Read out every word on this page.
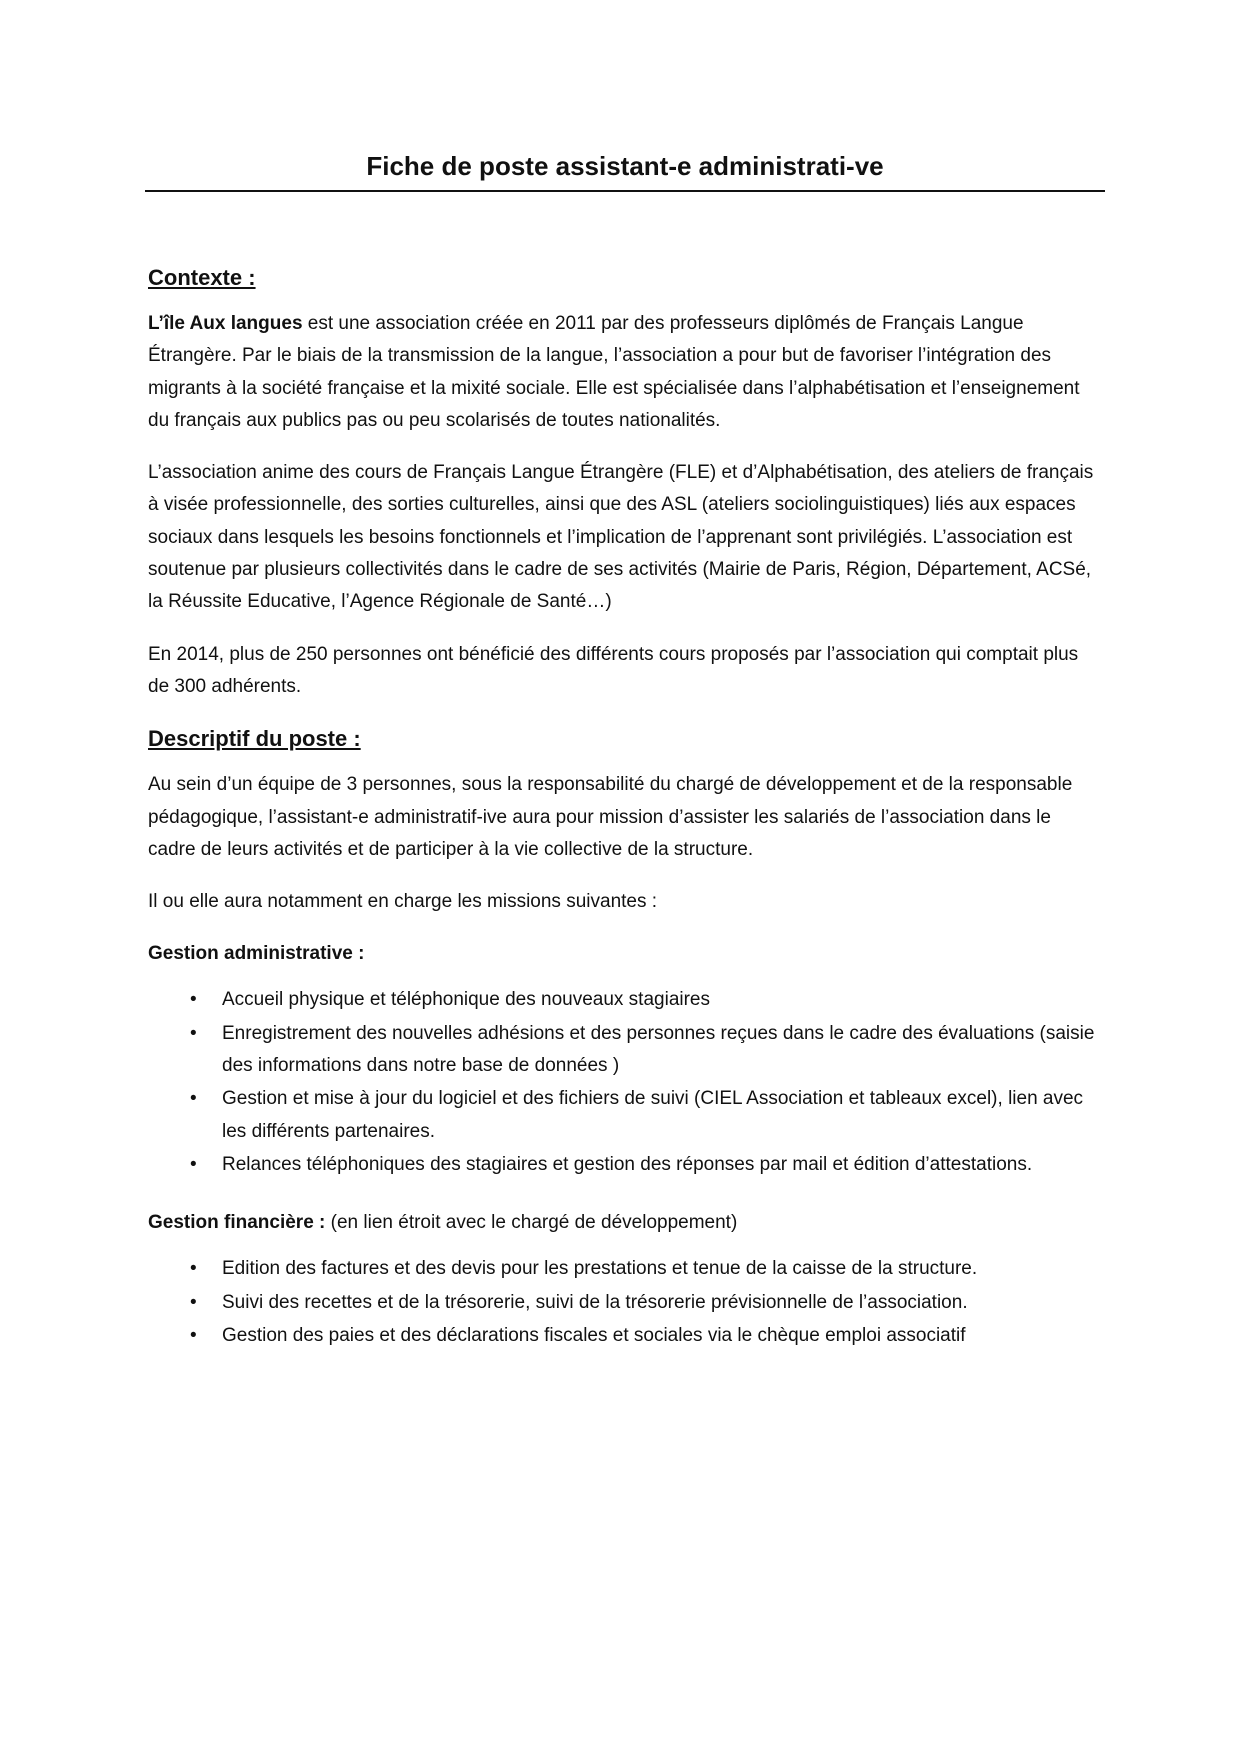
Fiche de poste assistant-e administrati-ve
Contexte :

L’île Aux langues est une association créée en 2011 par des professeurs diplômés de Français Langue Étrangère. Par le biais de la transmission de la langue, l’association a pour but de favoriser l’intégration des migrants à la société française et la mixité sociale. Elle est spécialisée dans l’alphabétisation et l’enseignement du français aux publics pas ou peu scolarisés de toutes nationalités.

L’association anime des cours de Français Langue Étrangère (FLE) et d’Alphabétisation, des ateliers de français à visée professionnelle, des sorties culturelles, ainsi que des ASL (ateliers sociolinguistiques) liés aux espaces sociaux dans lesquels les besoins fonctionnels et l’implication de l’apprenant sont privilégiés. L’association est soutenue par plusieurs collectivités dans le cadre de ses activités (Mairie de Paris, Région, Département, ACSé, la Réussite Educative, l’Agence Régionale de Santé…)

En 2014, plus de 250 personnes ont bénéficié des différents cours proposés par l’association qui comptait plus de 300 adhérents.

Descriptif du poste :

Au sein d’un équipe de 3 personnes, sous la responsabilité du chargé de développement et de la responsable pédagogique, l’assistant-e administratif-ive aura pour mission d’assister les salariés de l’association dans le cadre de leurs activités et de participer à la vie collective de la structure.

Il ou elle aura notamment en charge les missions suivantes :

Gestion administrative :

• Accueil physique et téléphonique des nouveaux stagiaires
• Enregistrement des nouvelles adhésions et des personnes reçues dans le cadre des évaluations (saisie des informations dans notre base de données )
• Gestion et mise à jour du logiciel et des fichiers de suivi (CIEL Association et tableaux excel), lien avec les différents partenaires.
• Relances téléphoniques des stagiaires et gestion des réponses par mail et édition d’attestations.

Gestion financière : (en lien étroit avec le chargé de développement)

• Edition des factures et des devis pour les prestations et tenue de la caisse de la structure.
• Suivi des recettes et de la trésorerie, suivi de la trésorerie prévisionnelle de l’association.
• Gestion des paies et des déclarations fiscales et sociales via le chèque emploi associatif
